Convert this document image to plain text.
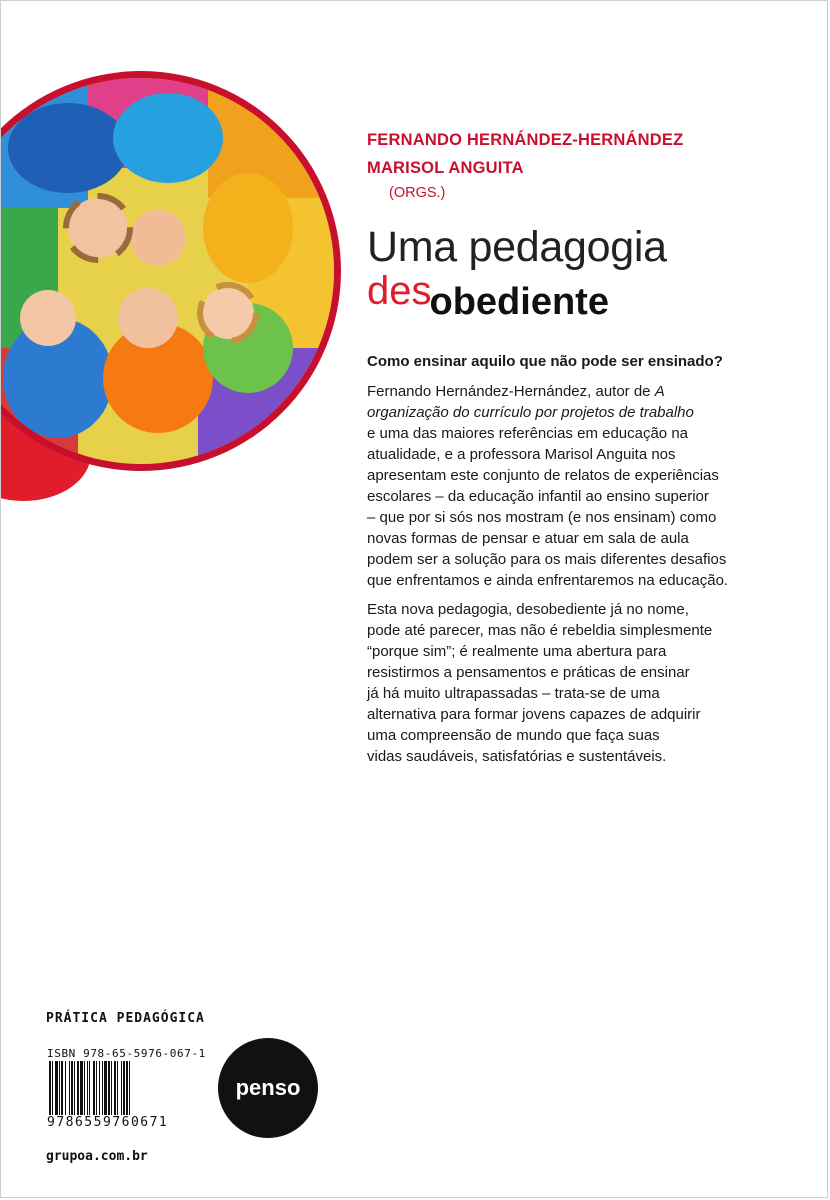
FERNANDO HERNÁNDEZ-HERNÁNDEZ
MARISOL ANGUITA
(ORGS.)
Uma pedagogia
desobediente
Como ensinar aquilo que não pode ser ensinado?
Fernando Hernández-Hernández, autor de A
organização do currículo por projetos de trabalho
e uma das maiores referências em educação na
atualidade, e a professora Marisol Anguita nos
apresentam este conjunto de relatos de experiências
escolares – da educação infantil ao ensino superior
– que por si sós nos mostram (e nos ensinam) como
novas formas de pensar e atuar em sala de aula
podem ser a solução para os mais diferentes desafios
que enfrentamos e ainda enfrentaremos na educação.
Esta nova pedagogia, desobediente já no nome,
pode até parecer, mas não é rebeldia simplesmente
“porque sim”; é realmente uma abertura para
resistirmos a pensamentos e práticas de ensinar
já há muito ultrapassadas – trata-se de uma
alternativa para formar jovens capazes de adquirir
uma compreensão de mundo que faça suas
vidas saudáveis, satisfatórias e sustentáveis.
PRÁTICA PEDAGÓGICA
ISBN 978-65-5976-067-1
9786559760671
penso
grupoa.com.br
